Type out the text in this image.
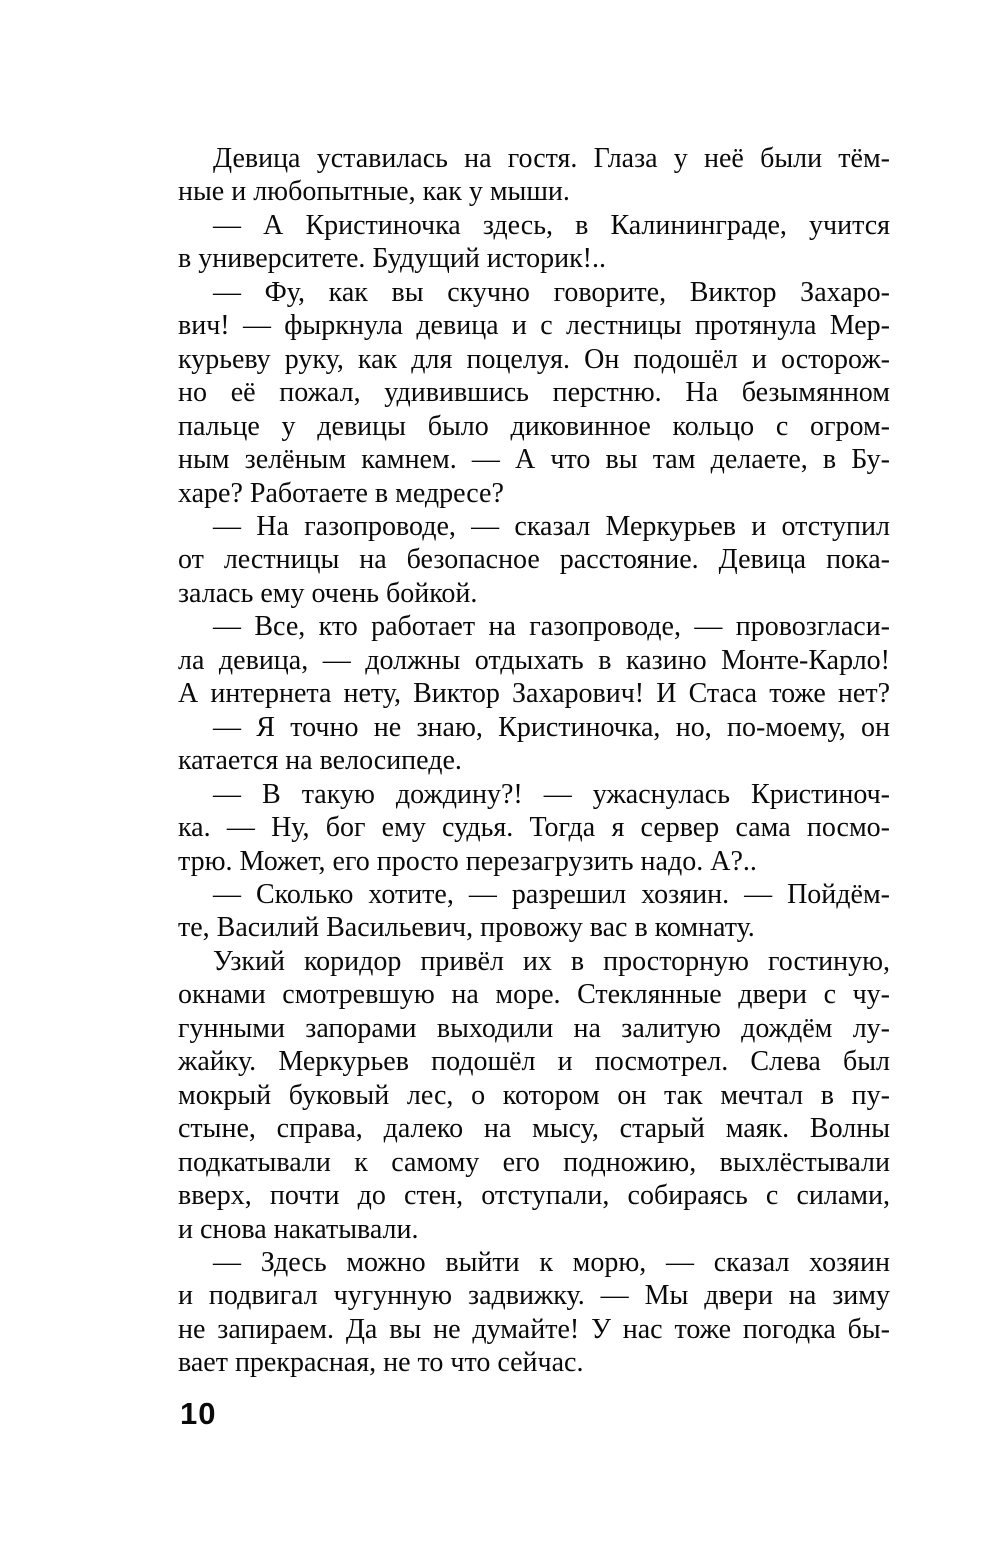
Девица уставилась на гостя. Глаза у неё были тём-
ные и любопытные, как у мыши.
— А Кристиночка здесь, в Калининграде, учится
в университете. Будущий историк!..
— Фу, как вы скучно говорите, Виктор Захаро-
вич! — фыркнула девица и с лестницы протянула Мер-
курьеву руку, как для поцелуя. Он подошёл и осторож-
но её пожал, удивившись перстню. На безымянном
пальце у девицы было диковинное кольцо с огром-
ным зелёным камнем. — А что вы там делаете, в Бу-
харе? Работаете в медресе?
— На газопроводе, — сказал Меркурьев и отступил
от лестницы на безопасное расстояние. Девица пока-
залась ему очень бойкой.
— Все, кто работает на газопроводе, — провозгласи-
ла девица, — должны отдыхать в казино Монте-Карло!
А интернета нету, Виктор Захарович! И Стаса тоже нет?
— Я точно не знаю, Кристиночка, но, по-моему, он
катается на велосипеде.
— В такую дождину?! — ужаснулась Кристиноч-
ка. — Ну, бог ему судья. Тогда я сервер сама посмо-
трю. Может, его просто перезагрузить надо. А?..
— Сколько хотите, — разрешил хозяин. — Пойдём-
те, Василий Васильевич, провожу вас в комнату.
Узкий коридор привёл их в просторную гостиную,
окнами смотревшую на море. Стеклянные двери с чу-
гунными запорами выходили на залитую дождём лу-
жайку. Меркурьев подошёл и посмотрел. Слева был
мокрый буковый лес, о котором он так мечтал в пу-
стыне, справа, далеко на мысу, старый маяк. Волны
подкатывали к самому его подножию, выхлёстывали
вверх, почти до стен, отступали, собираясь с силами,
и снова накатывали.
— Здесь можно выйти к морю, — сказал хозяин
и подвигал чугунную задвижку. — Мы двери на зиму
не запираем. Да вы не думайте! У нас тоже погодка бы-
вает прекрасная, не то что сейчас.
10
